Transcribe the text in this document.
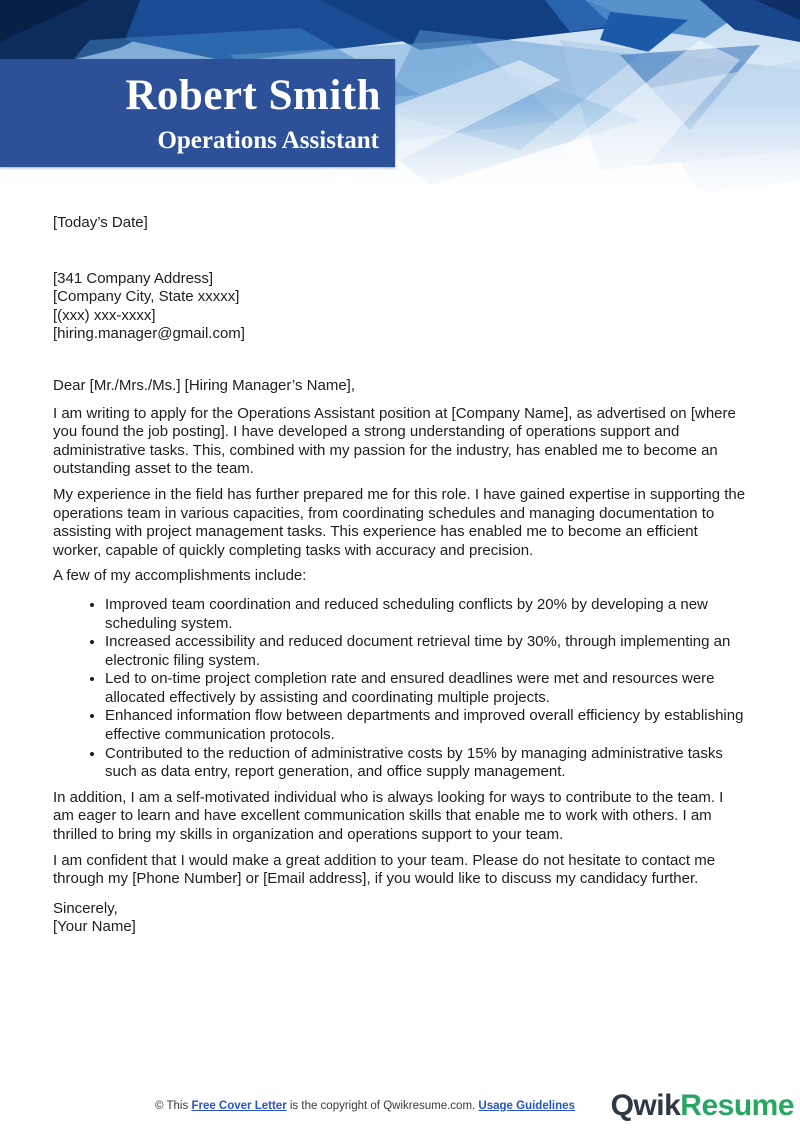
Robert Smith
Operations Assistant

[Today’s Date]

[341 Company Address]

[Company City, State xxxxx]

[(xxx) xxx-xxxx]

[hiring.manager@gmail.com]

Dear [Mr./Mrs./Ms.] [Hiring Manager’s Name],

I am writing to apply for the Operations Assistant position at [Company Name], as advertised on [where you found the job posting]. I have developed a strong understanding of operations support and administrative tasks. This, combined with my passion for the industry, has enabled me to become an outstanding asset to the team.

My experience in the field has further prepared me for this role. I have gained expertise in supporting the operations team in various capacities, from coordinating schedules and managing documentation to assisting with project management tasks. This experience has enabled me to become an efficient worker, capable of quickly completing tasks with accuracy and precision.

A few of my accomplishments include:

• Improved team coordination and reduced scheduling conflicts by 20% by developing a new scheduling system.
• Increased accessibility and reduced document retrieval time by 30%, through implementing an electronic filing system.
• Led to on-time project completion rate and ensured deadlines were met and resources were allocated effectively by assisting and coordinating multiple projects.
• Enhanced information flow between departments and improved overall efficiency by establishing effective communication protocols.
• Contributed to the reduction of administrative costs by 15% by managing administrative tasks such as data entry, report generation, and office supply management.

In addition, I am a self-motivated individual who is always looking for ways to contribute to the team. I am eager to learn and have excellent communication skills that enable me to work with others. I am thrilled to bring my skills in organization and operations support to your team.

I am confident that I would make a great addition to your team. Please do not hesitate to contact me through my [Phone Number] or [Email address], if you would like to discuss my candidacy further.

Sincerely,
[Your Name]

© This Free Cover Letter is the copyright of Qwikresume.com. Usage Guidelines	QwikResume
